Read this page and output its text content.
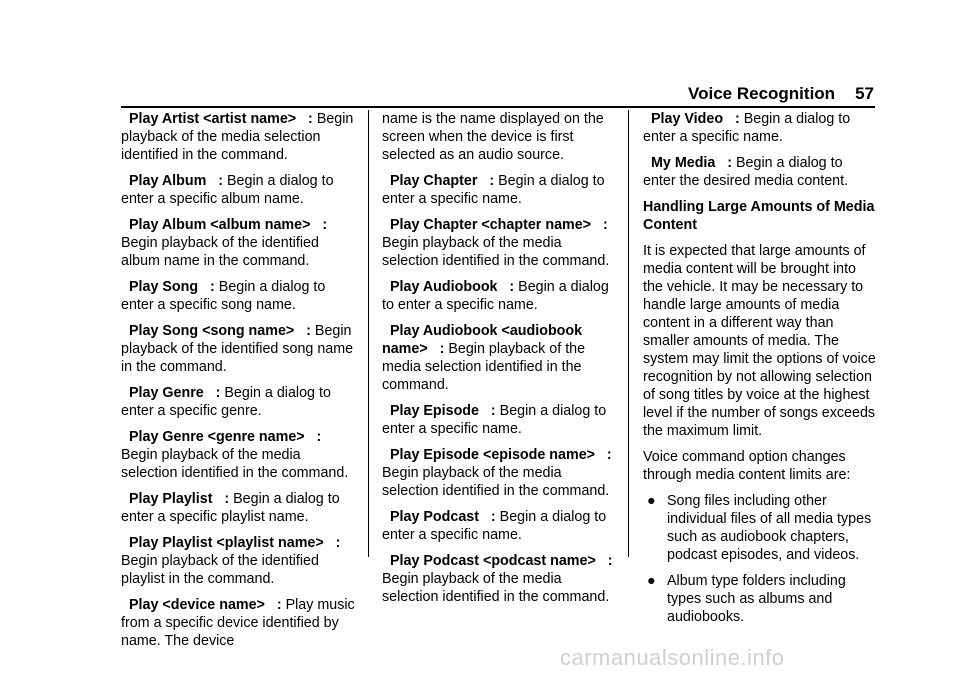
Voice Recognition 57
Play Artist <artist name>   : Begin playback of the media selection identified in the command.
Play Album   : Begin a dialog to enter a specific album name.
Play Album <album name>   : Begin playback of the identified album name in the command.
Play Song   : Begin a dialog to enter a specific song name.
Play Song <song name>   : Begin playback of the identified song name in the command.
Play Genre   : Begin a dialog to enter a specific genre.
Play Genre <genre name>   : Begin playback of the media selection identified in the command.
Play Playlist   : Begin a dialog to enter a specific playlist name.
Play Playlist <playlist name>   : Begin playback of the identified playlist in the command.
Play <device name>   : Play music from a specific device identified by name. The device
name is the name displayed on the screen when the device is first selected as an audio source.
Play Chapter   : Begin a dialog to enter a specific name.
Play Chapter <chapter name>   : Begin playback of the media selection identified in the command.
Play Audiobook   : Begin a dialog to enter a specific name.
Play Audiobook <audiobook name>   : Begin playback of the media selection identified in the command.
Play Episode   : Begin a dialog to enter a specific name.
Play Episode <episode name>   : Begin playback of the media selection identified in the command.
Play Podcast   : Begin a dialog to enter a specific name.
Play Podcast <podcast name>   : Begin playback of the media selection identified in the command.
Play Video   : Begin a dialog to enter a specific name.
My Media   : Begin a dialog to enter the desired media content.
Handling Large Amounts of Media Content
It is expected that large amounts of media content will be brought into the vehicle. It may be necessary to handle large amounts of media content in a different way than smaller amounts of media. The system may limit the options of voice recognition by not allowing selection of song titles by voice at the highest level if the number of songs exceeds the maximum limit.
Voice command option changes through media content limits are:
● Song files including other individual files of all media types such as audiobook chapters, podcast episodes, and videos.
● Album type folders including types such as albums and audiobooks.
carmanualsonline.info
